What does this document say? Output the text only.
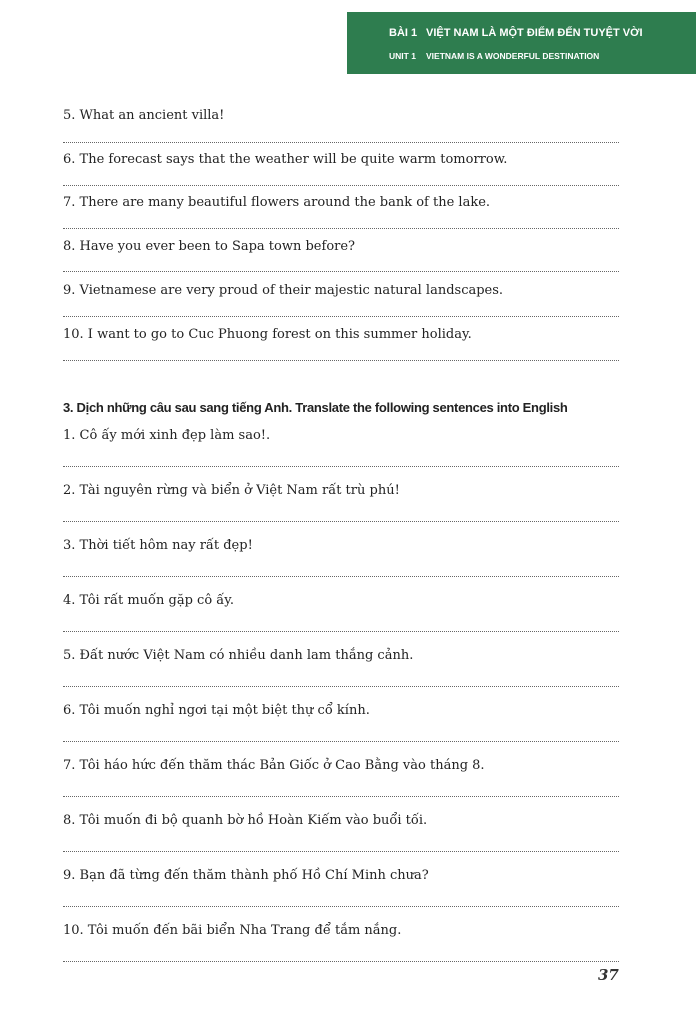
BÀI 1 VIỆT NAM LÀ MỘT ĐIỂM ĐẾN TUYỆT VỜI
UNIT 1 VIETNAM IS A WONDERFUL DESTINATION
5. What an ancient villa!
6. The forecast says that the weather will be quite warm tomorrow.
7. There are many beautiful flowers around the bank of the lake.
8. Have you ever been to Sapa town before?
9. Vietnamese are very proud of their majestic natural landscapes.
10. I want to go to Cuc Phuong forest on this summer holiday.
3. Dịch những câu sau sang tiếng Anh. Translate the following sentences into English
1. Cô ấy mới xinh đẹp làm sao!.
2. Tài nguyên rừng và biển ở Việt Nam rất trù phú!
3. Thời tiết hôm nay rất đẹp!
4. Tôi rất muốn gặp cô ấy.
5. Đất nước Việt Nam có nhiều danh lam thắng cảnh.
6. Tôi muốn nghỉ ngơi tại một biệt thự cổ kính.
7. Tôi háo hức đến thăm thác Bản Giốc ở Cao Bằng vào tháng 8.
8. Tôi muốn đi bộ quanh bờ hồ Hoàn Kiếm vào buổi tối.
9. Bạn đã từng đến thăm thành phố Hồ Chí Minh chưa?
10. Tôi muốn đến bãi biển Nha Trang để tắm nắng.
37
